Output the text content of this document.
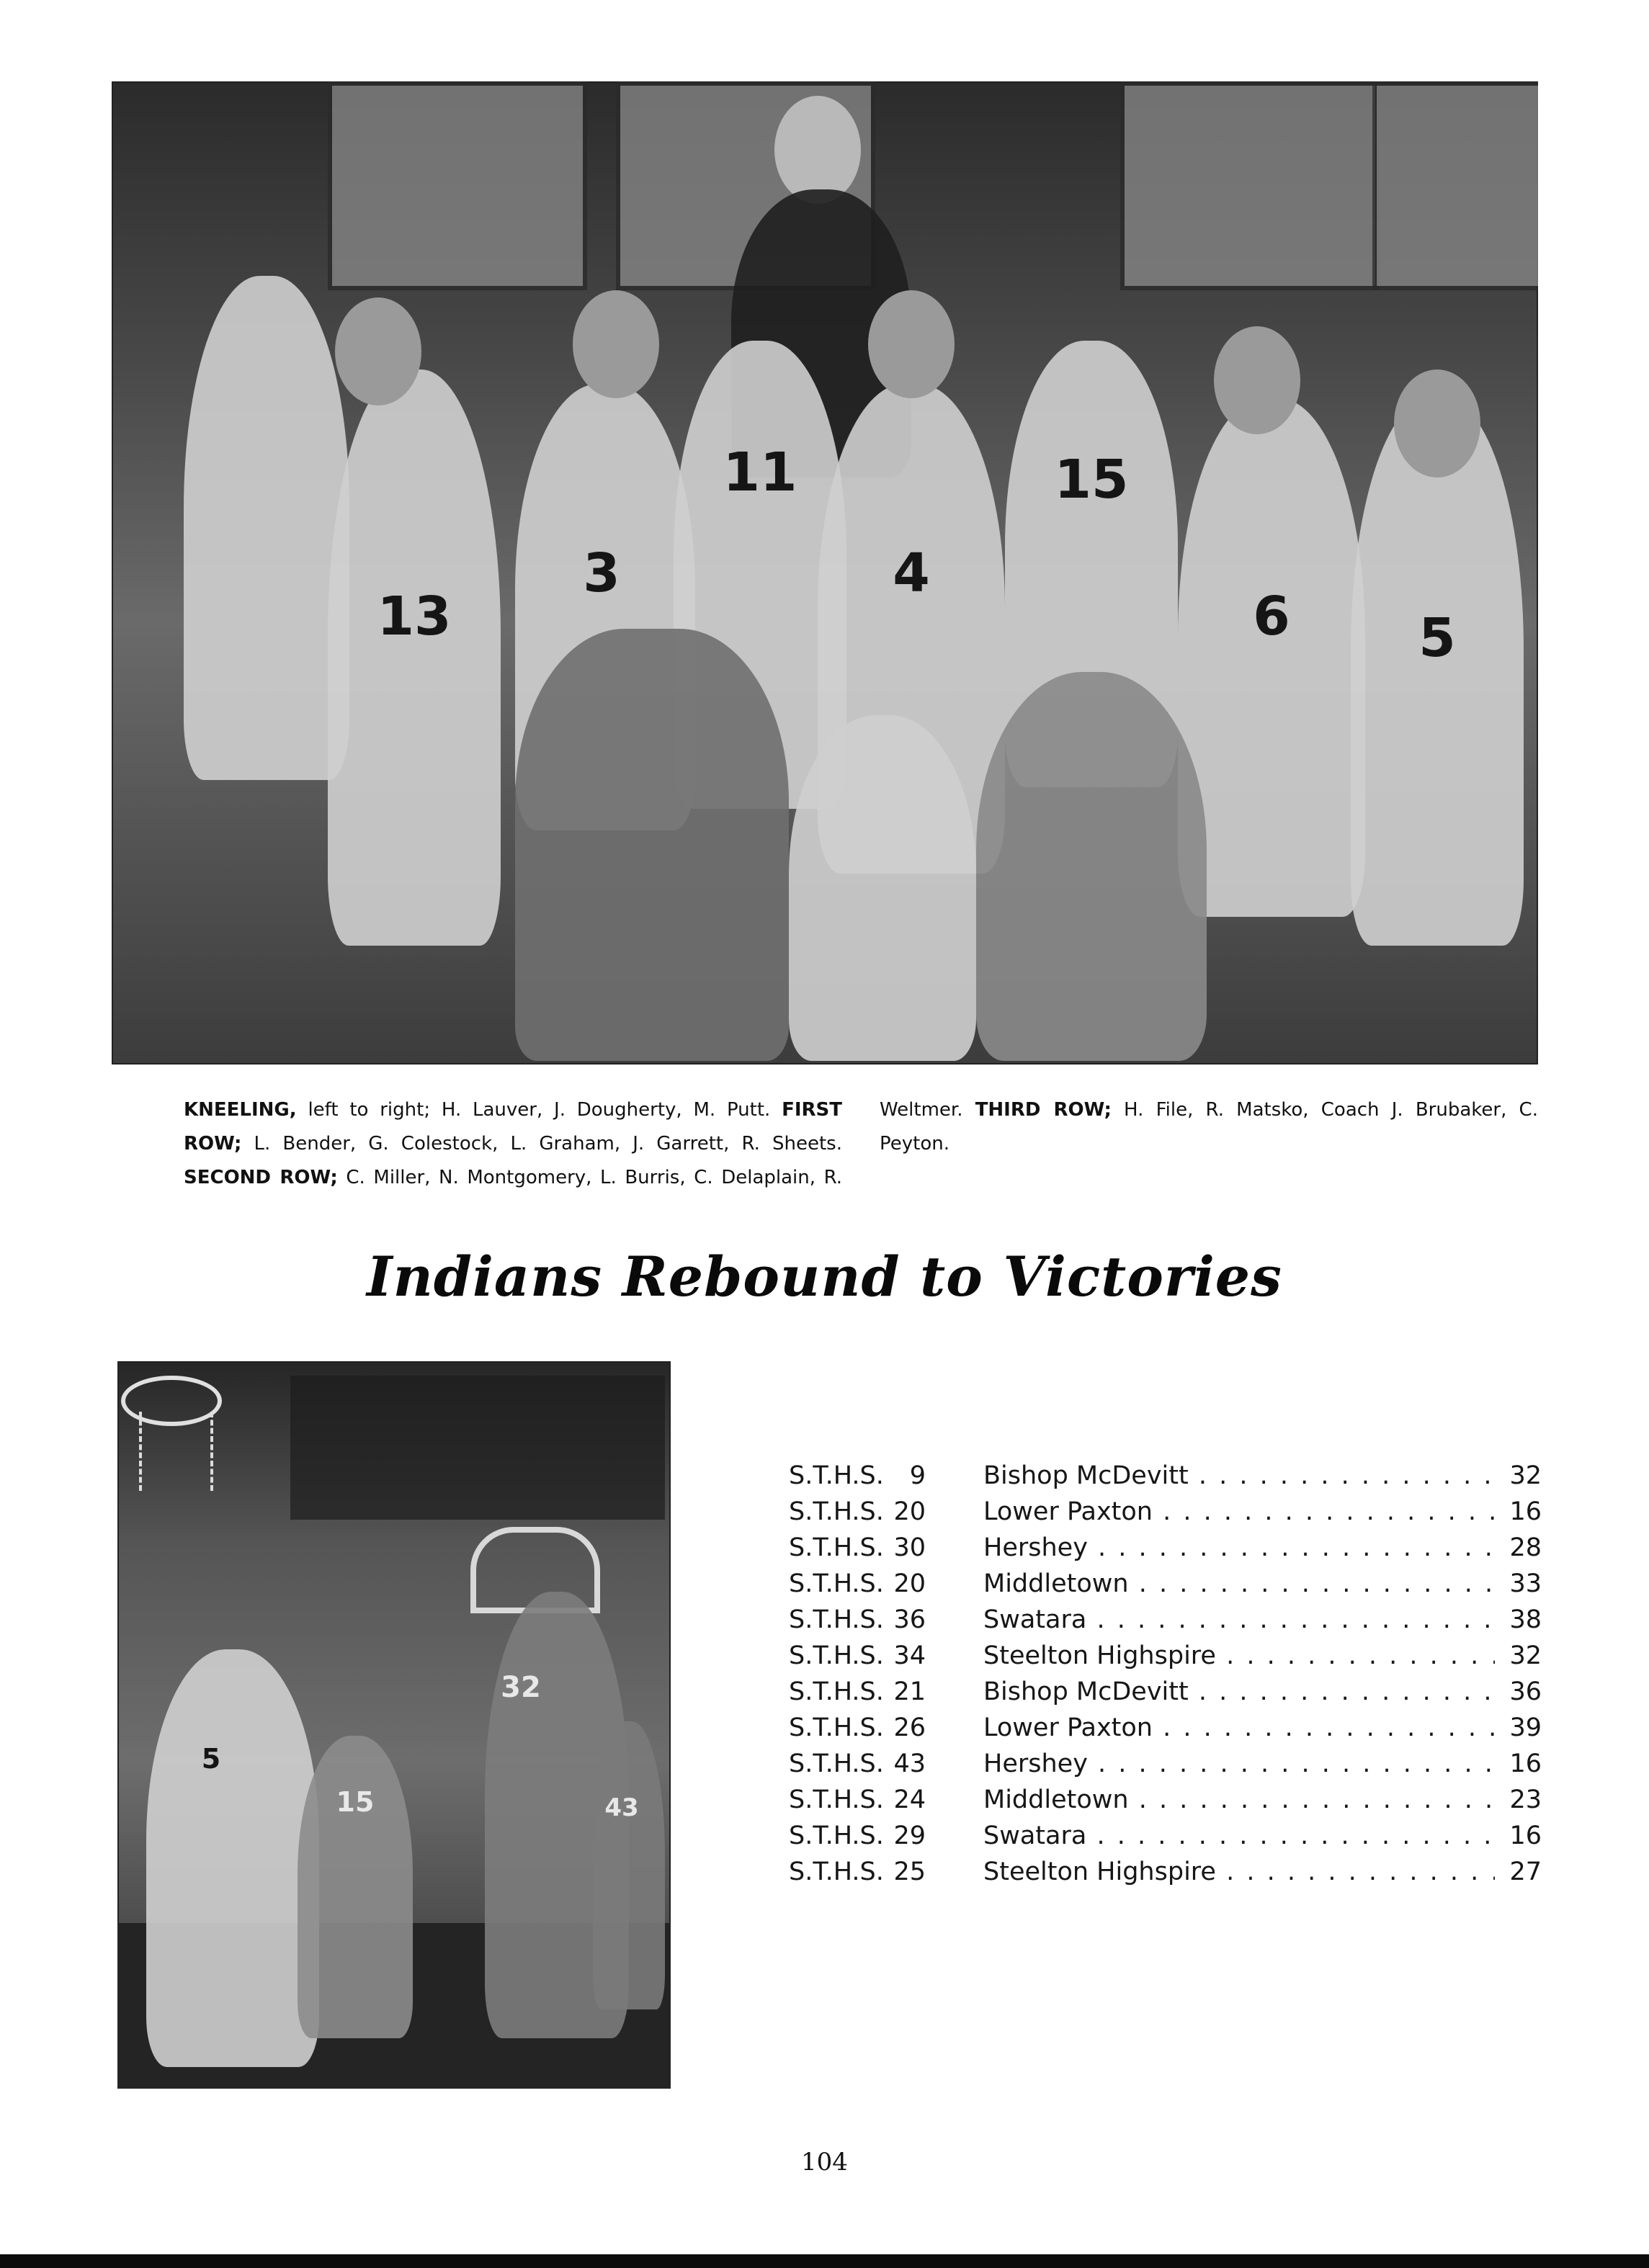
13
3
11
4
15
6	5
KNEELING, left to right; H. Lauver, J. Dougherty, M. Putt. FIRST ROW; L. Bender, G. Colestock, L. Graham, J. Garrett, R. Sheets. SECOND ROW; C. Miller, N. Montgomery, L. Burris, C. Delaplain, R. Weltmer. THIRD ROW; H. File, R. Matsko, Coach J. Brubaker, C. Peyton.
Indians Rebound to Victories
32
15	43
5
S.T.H.S.	9 Bishop McDevitt . . .	32
S.T.H.S. 20 Lower Paxton . . .	16
S.T.H.S. 30 Hershey . . .	28
S.T.H.S. 20 Middletown . . .	33
S.T.H.S. 36 Swatara . . .	38
S.T.H.S. 34 Steelton Highspire . . .	32
S.T.H.S. 21 Bishop McDevitt . . .	36
S.T.H.S. 26 Lower Paxton . . .	39
S.T.H.S. 43 Hershey . . .	16
S.T.H.S. 24 Middletown . . .	23
S.T.H.S. 29 Swatara . . .	16
S.T.H.S. 25 Steelton Highspire . . .	27
104
